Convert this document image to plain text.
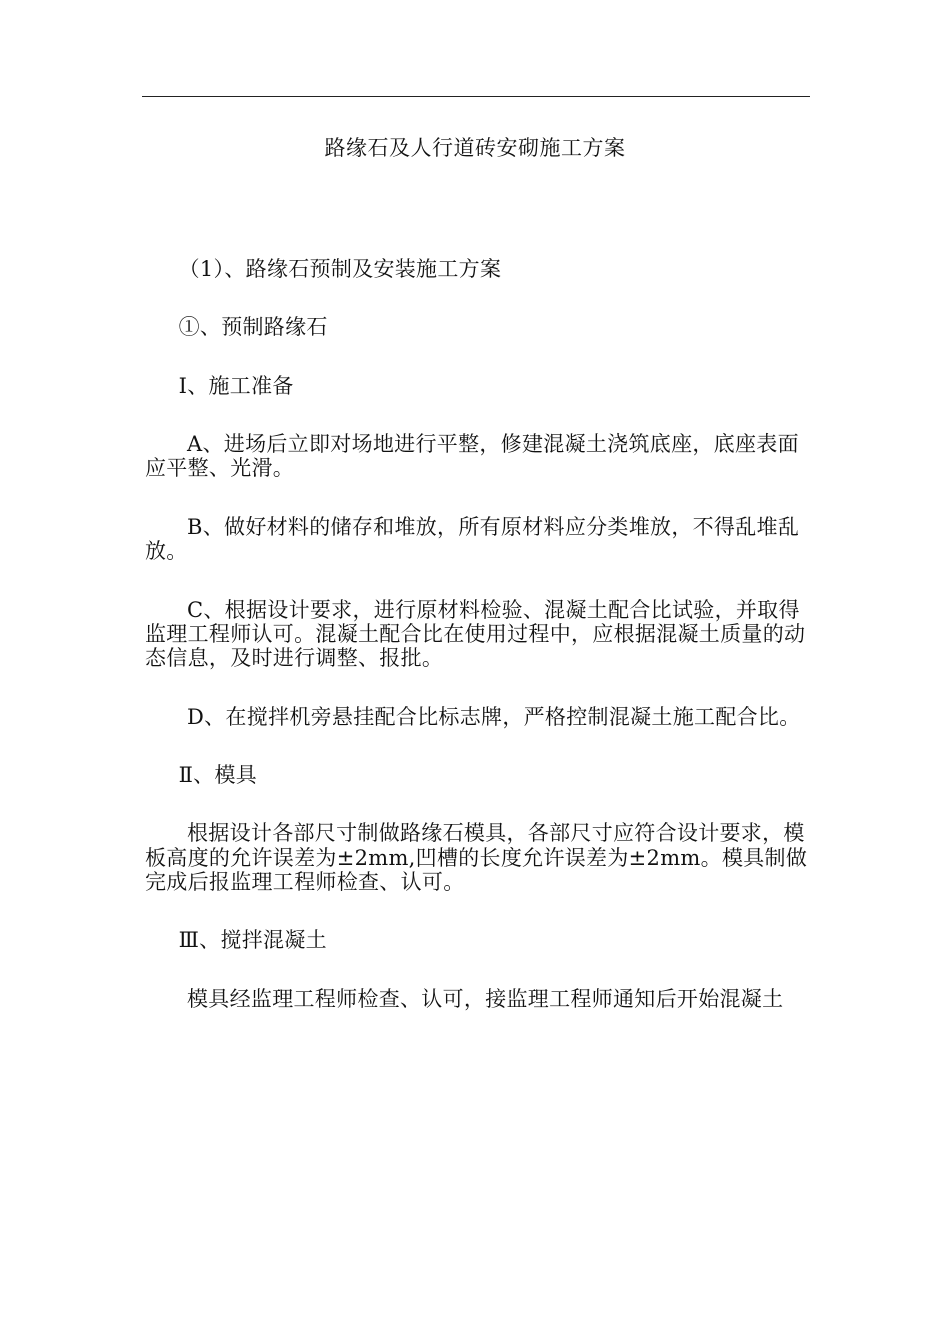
路缘石及人行道砖安砌施工方案

（1）、路缘石预制及安装施工方案

①、预制路缘石

Ⅰ、施工准备

A、进场后立即对场地进行平整，修建混凝土浇筑底座，底座表面应平整、光滑。

B、做好材料的储存和堆放，所有原材料应分类堆放，不得乱堆乱放。

C、根据设计要求，进行原材料检验、混凝土配合比试验，并取得监理工程师认可。混凝土配合比在使用过程中，应根据混凝土质量的动态信息，及时进行调整、报批。

D、在搅拌机旁悬挂配合比标志牌，严格控制混凝土施工配合比。

Ⅱ、模具

根据设计各部尺寸制做路缘石模具，各部尺寸应符合设计要求，模板高度的允许误差为±2mm,凹槽的长度允许误差为±2mm。模具制做完成后报监理工程师检查、认可。

Ⅲ、搅拌混凝土

模具经监理工程师检查、认可，接监理工程师通知后开始混凝土
